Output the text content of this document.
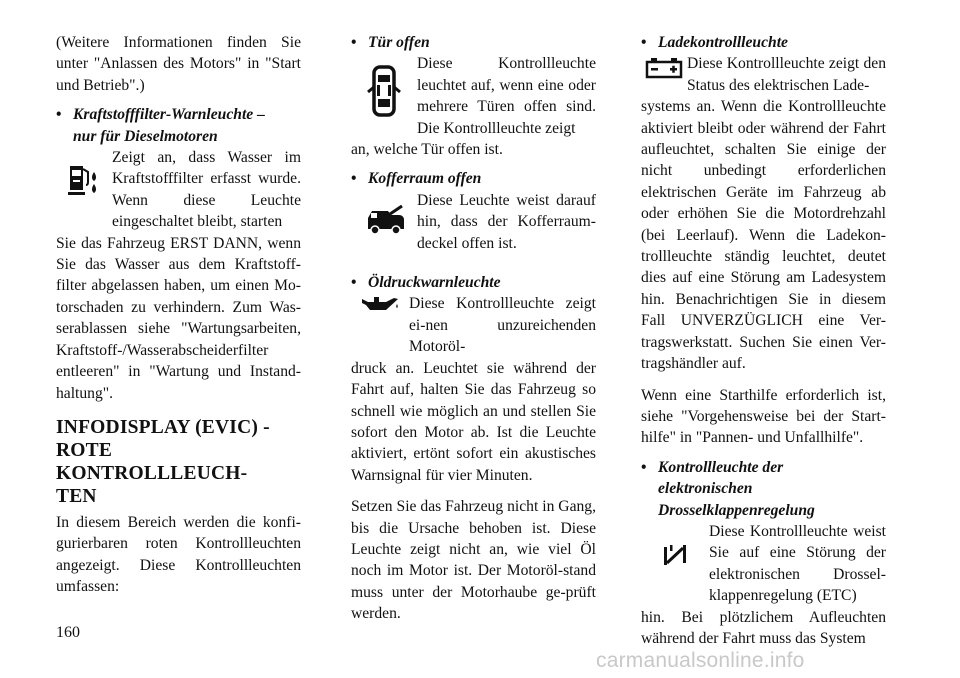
(Weitere Informationen finden Sie unter "Anlassen des Motors" in "Start und Betrieb".)

• Kraftstofffilter-Warnleuchte –
nur für Dieselmotoren
Zeigt an, dass Wasser im Kraftstofffilter erfasst wurde. Wenn diese Leuchte eingeschaltet bleibt, starten
Sie das Fahrzeug ERST DANN, wenn Sie das Wasser aus dem Kraftstoff-filter abgelassen haben, um einen Mo-torschaden zu verhindern. Zum Was-serablassen siehe "Wartungsarbeiten, Kraftstoff-/Wasserabscheiderfilter entleeren" in "Wartung und Instand-haltung".
INFODISPLAY (EVIC) -
ROTE KONTROLLLEUCH-
TEN

In diesem Bereich werden die konfi-gurierbaren roten Kontrollleuchten angezeigt. Diese Kontrollleuchten umfassen:

• Tür offen
Diese Kontrollleuchte leuchtet auf, wenn eine oder mehrere Türen offen sind. Die Kontrollleuchte zeigt
an, welche Tür offen ist.
• Kofferraum offen
Diese Leuchte weist darauf hin, dass der Kofferraum-deckel offen ist.
• Öldruckwarnleuchte
Diese Kontrollleuchte zeigt ei-nen unzureichenden Motoröl-
druck an. Leuchtet sie während der Fahrt auf, halten Sie das Fahrzeug so schnell wie möglich an und stellen Sie sofort den Motor ab. Ist die Leuchte aktiviert, ertönt sofort ein akustisches Warnsignal für vier Minuten.

Setzen Sie das Fahrzeug nicht in Gang, bis die Ursache behoben ist. Diese Leuchte zeigt nicht an, wie viel Öl noch im Motor ist. Der Motoröl-stand muss unter der Motorhaube ge-prüft werden.

• Ladekontrollleuchte
Diese Kontrollleuchte zeigt den Status des elektrischen Lade-
systems an. Wenn die Kontrollleuchte aktiviert bleibt oder während der Fahrt aufleuchtet, schalten Sie einige der nicht unbedingt erforderlichen elektrischen Geräte im Fahrzeug ab oder erhöhen Sie die Motordrehzahl (bei Leerlauf). Wenn die Ladekon-trollleuchte ständig leuchtet, deutet dies auf eine Störung am Ladesystem hin. Benachrichtigen Sie in diesem Fall UNVERZÜGLICH eine Ver-tragswerkstatt. Suchen Sie einen Ver-tragshändler auf.

Wenn eine Starthilfe erforderlich ist, siehe "Vorgehensweise bei der Start-hilfe" in "Pannen- und Unfallhilfe".

• Kontrollleuchte der
elektronischen
Drosselklappenregelung
Diese Kontrollleuchte weist Sie auf eine Störung der elektronischen Drossel-klappenregelung (ETC)
hin. Bei plötzlichem Aufleuchten während der Fahrt muss das System
160
carmanualsonline.info
